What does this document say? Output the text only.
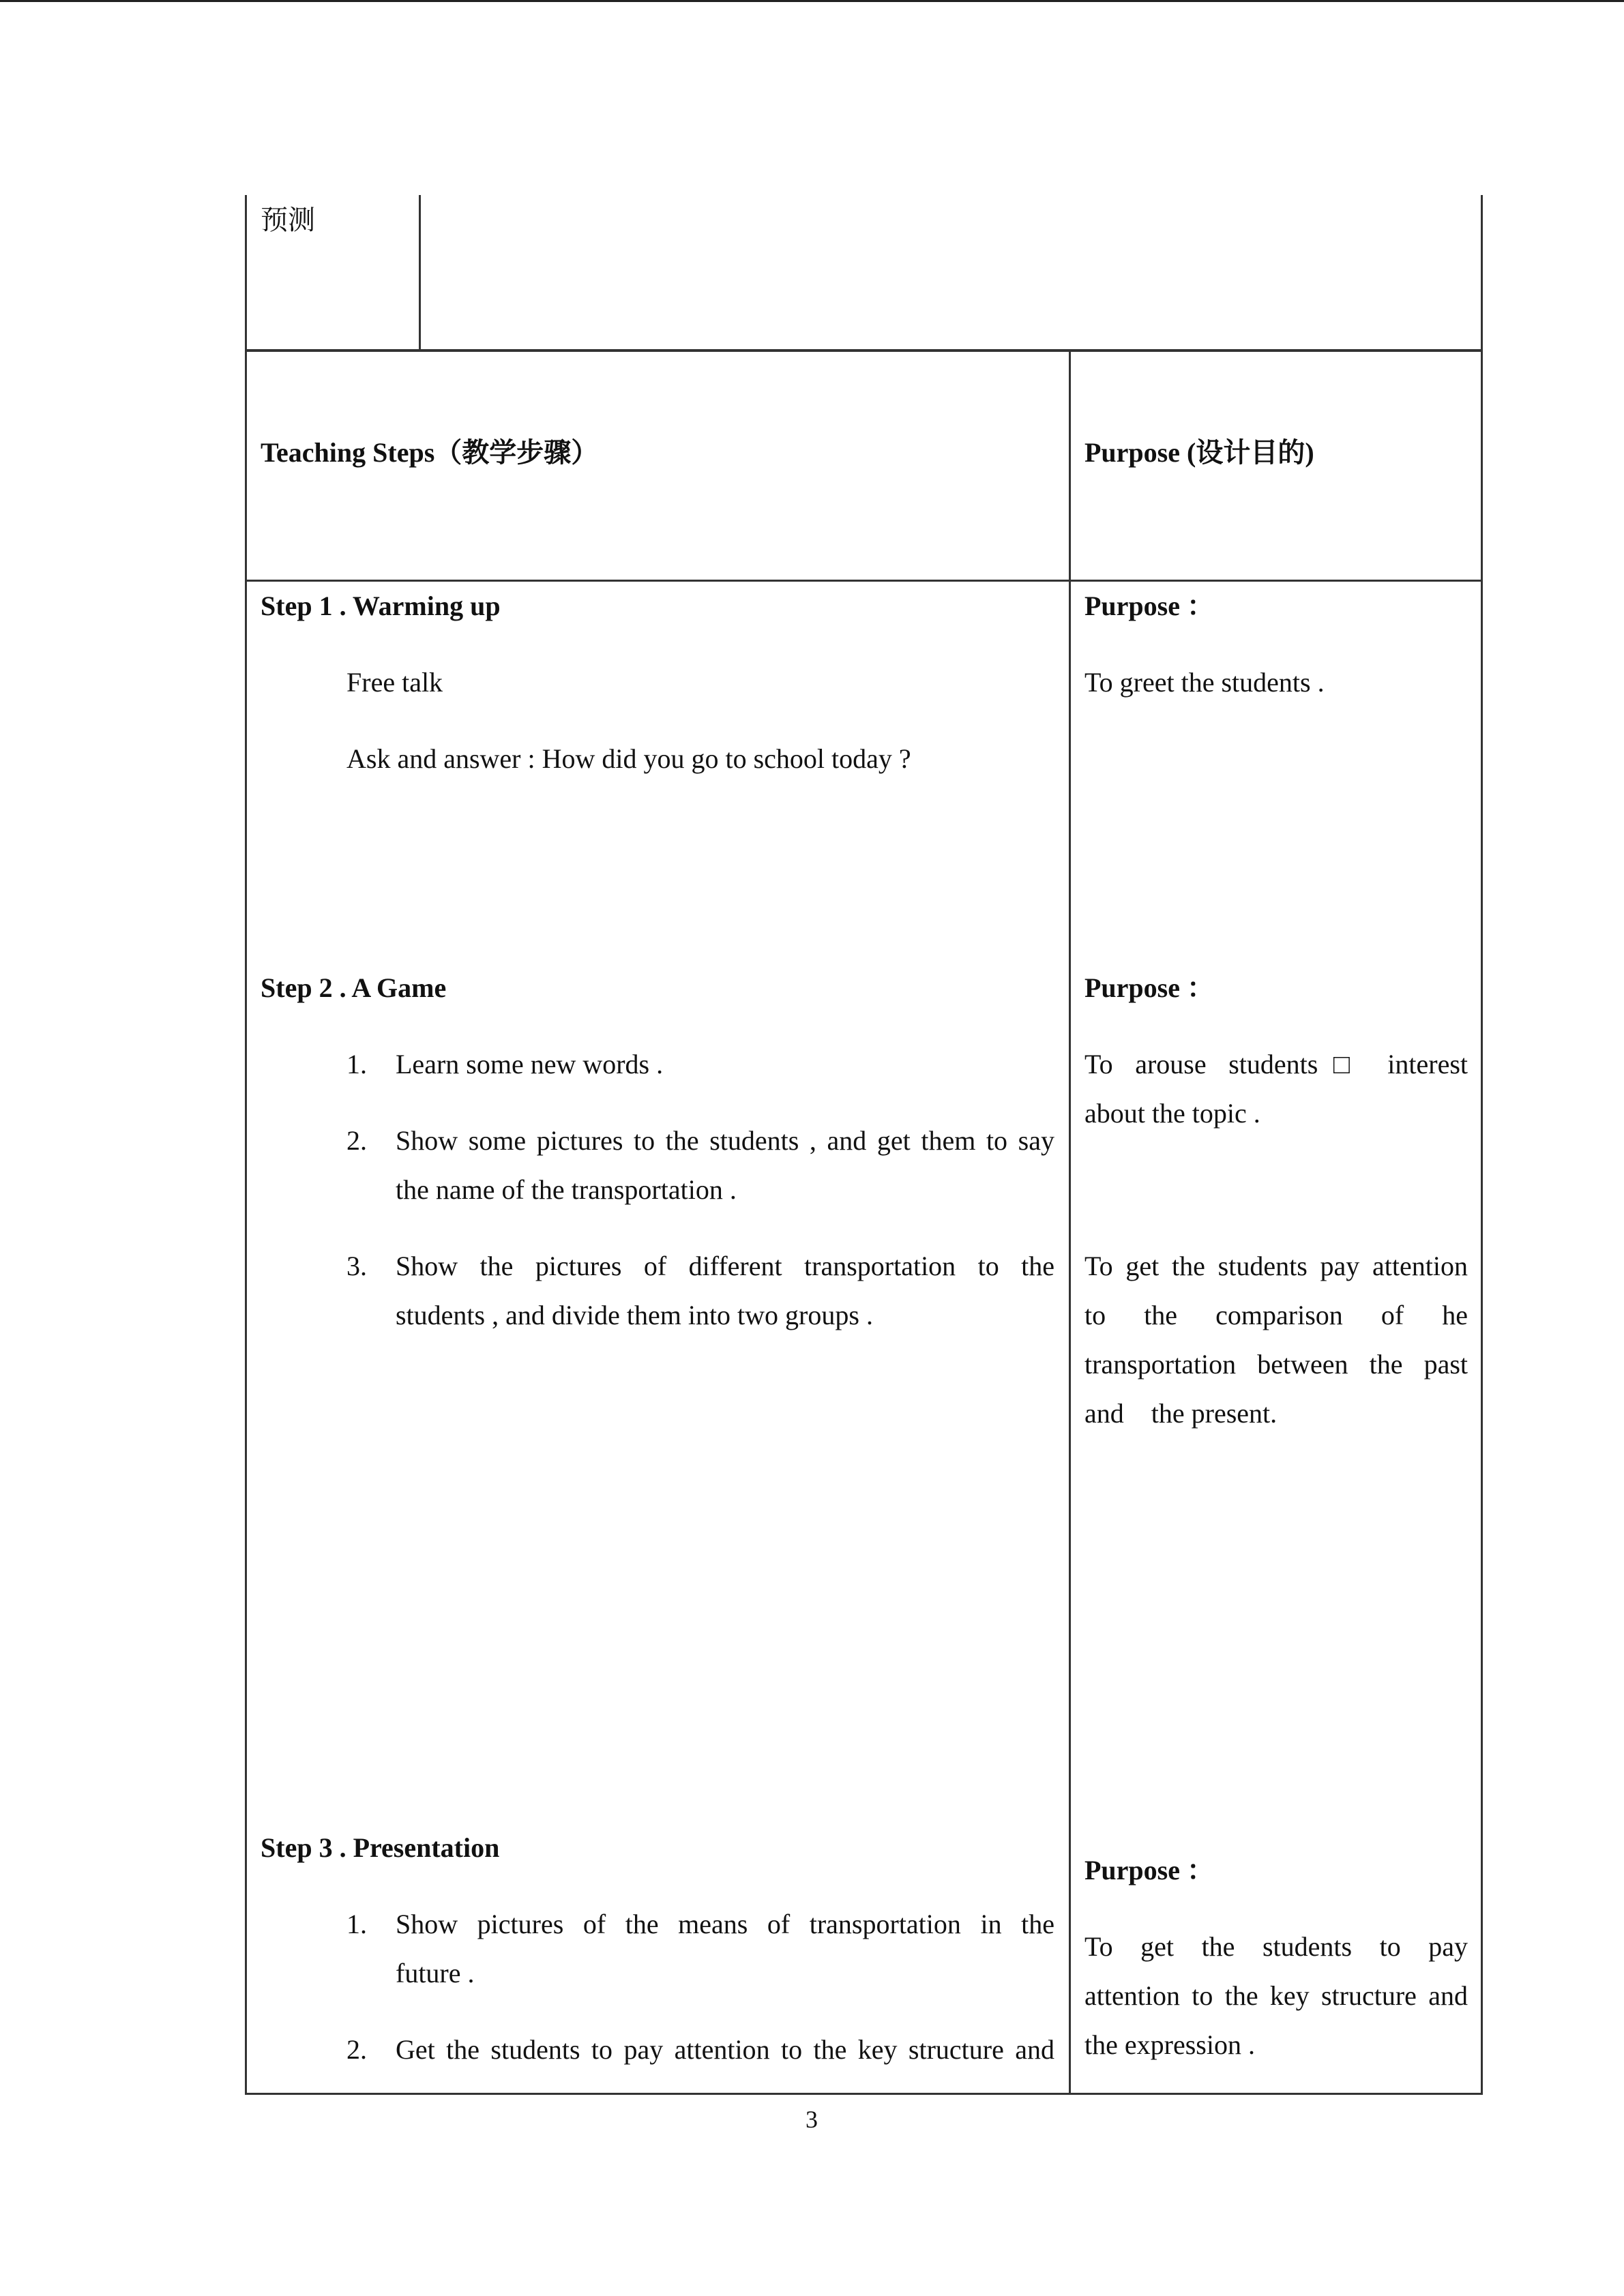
预测
Teaching Steps（教学步骤）	Purpose (设计目的)
Step 1 . Warming up
Free talk
Ask and answer : How did you go to school today ?
Purpose ：
To greet the students .
Step 2 . A Game
1. Learn some new words .
2. Show some pictures to the students , and get them to say
the name of the transportation .
3. Show the pictures of different transportation to the
students , and divide them into two groups .
Purpose ：
To arouse students□ interest
about the topic .
To get the students pay attention
to the comparison of he
transportation between the past
and　the present.
Step 3 . Presentation
1. Show pictures of the means of transportation in the
future .
2. Get the students to pay attention to the key structure and
Purpose ：
To get the students to pay
attention to the key structure and
the expression .
3
